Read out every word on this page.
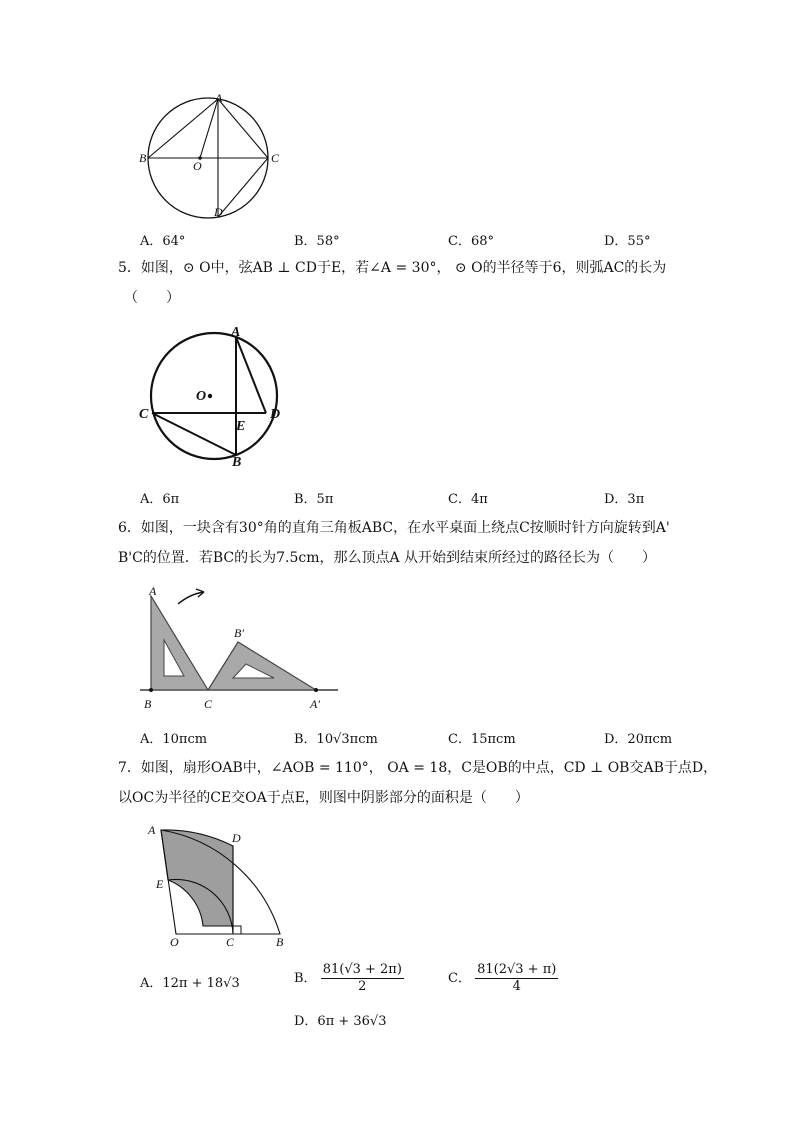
A
B	C
D
O
A．64°	B．58°	C．68°	D．55°
5．如图，⊙ O中，弦AB ⊥ CD于E，若∠A = 30°， ⊙ O的半径等于6，则弧AC的长为
（　　）
A
C	D
E
B
O
A．6π	B．5π	C．4π	D．3π
6．如图，一块含有30°角的直角三角板ABC，在水平桌面上绕点C按顺时针方向旋转到A'
B'C的位置．若BC的长为7.5cm，那么顶点A 从开始到结束所经过的路径长为（　　）
A
B	C
B'
A'
A．10πcm	B．10√3πcm	C．15πcm	D．20πcm
7．如图，扇形OAB中，∠AOB = 110°， OA = 18，C是OB的中点，CD ⊥ OB交AB于点D，
以OC为半径的CE交OA于点E，则图中阴影部分的面积是（　　）
A
D
E
O	C	B
A．12π + 18√3	B． $\frac{81(√3 + 2\pi)}{2}$	C． $\frac{81(2√3 + \pi)}{4}$
D．6π + 36√3
